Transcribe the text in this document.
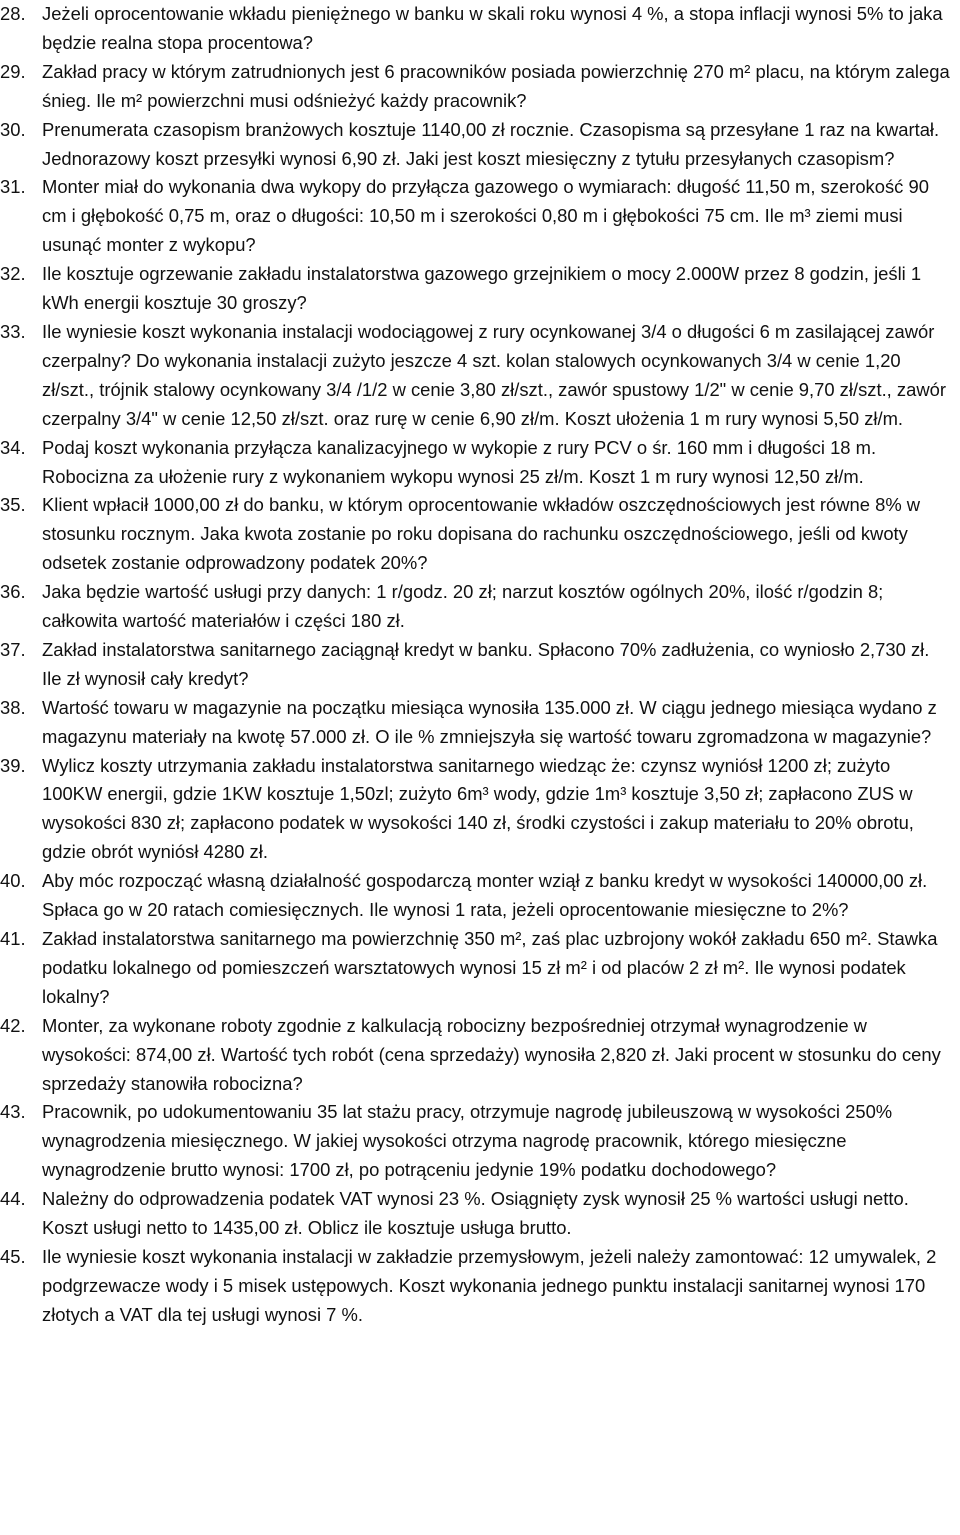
28. Jeżeli oprocentowanie wkładu pieniężnego w banku w skali roku wynosi 4 %, a stopa inflacji wynosi 5% to jaka będzie realna stopa procentowa?
29. Zakład pracy w którym zatrudnionych jest 6 pracowników posiada powierzchnię 270 m² placu, na którym zalega śnieg. Ile m² powierzchni musi odśnieżyć każdy pracownik?
30. Prenumerata czasopism branżowych kosztuje 1140,00 zł rocznie. Czasopisma są przesyłane 1 raz na kwartał. Jednorazowy koszt przesyłki wynosi 6,90 zł. Jaki jest koszt miesięczny z tytułu przesyłanych czasopism?
31. Monter miał do wykonania dwa wykopy do przyłącza gazowego o wymiarach: długość 11,50 m, szerokość 90 cm i głębokość 0,75 m, oraz o długości: 10,50 m i szerokości 0,80 m i głębokości 75 cm. Ile m³ ziemi musi usunąć monter z wykopu?
32. Ile kosztuje ogrzewanie zakładu instalatorstwa gazowego grzejnikiem o mocy 2.000W przez 8 godzin, jeśli 1 kWh energii kosztuje 30 groszy?
33. Ile wyniesie koszt wykonania instalacji wodociągowej z rury ocynkowanej 3/4 o długości 6 m zasilającej zawór czerpalny? Do wykonania instalacji zużyto jeszcze 4 szt. kolan stalowych ocynkowanych 3/4 w cenie 1,20 zł/szt., trójnik stalowy ocynkowany 3/4 /1/2 w cenie 3,80 zł/szt., zawór spustowy 1/2" w cenie 9,70 zł/szt., zawór czerpalny 3/4" w cenie 12,50 zł/szt. oraz rurę w cenie 6,90 zł/m. Koszt ułożenia 1 m rury wynosi 5,50 zł/m.
34. Podaj koszt wykonania przyłącza kanalizacyjnego w wykopie z rury PCV o śr. 160 mm i długości 18 m. Robocizna za ułożenie rury z wykonaniem wykopu wynosi 25 zł/m. Koszt 1 m rury wynosi 12,50 zł/m.
35. Klient wpłacił 1000,00 zł do banku, w którym oprocentowanie wkładów oszczędnościowych jest równe 8% w stosunku rocznym. Jaka kwota zostanie po roku dopisana do rachunku oszczędnościowego, jeśli od kwoty odsetek zostanie odprowadzony podatek 20%?
36. Jaka będzie wartość usługi przy danych: 1 r/godz. 20 zł; narzut kosztów ogólnych 20%, ilość r/godzin 8; całkowita wartość materiałów i części 180 zł.
37. Zakład instalatorstwa sanitarnego zaciągnął kredyt w banku. Spłacono 70% zadłużenia, co wyniosło 2,730 zł. Ile zł wynosił cały kredyt?
38. Wartość towaru w magazynie na początku miesiąca wynosiła 135.000 zł. W ciągu jednego miesiąca wydano z magazynu materiały na kwotę 57.000 zł. O ile % zmniejszyła się wartość towaru zgromadzona w magazynie?
39. Wylicz koszty utrzymania zakładu instalatorstwa sanitarnego wiedząc że: czynsz wyniósł 1200 zł; zużyto 100KW energii, gdzie 1KW kosztuje 1,50zl; zużyto 6m³ wody, gdzie 1m³ kosztuje 3,50 zł; zapłacono ZUS w wysokości 830 zł; zapłacono podatek w wysokości 140 zł, środki czystości i zakup materiału to 20% obrotu, gdzie obrót wyniósł 4280 zł.
40. Aby móc rozpocząć własną działalność gospodarczą monter wziął z banku kredyt w wysokości 140000,00 zł. Spłaca go w 20 ratach comiesięcznych. Ile wynosi 1 rata, jeżeli oprocentowanie miesięczne to 2%?
41. Zakład instalatorstwa sanitarnego ma powierzchnię 350 m², zaś plac uzbrojony wokół zakładu 650 m². Stawka podatku lokalnego od pomieszczeń warsztatowych wynosi 15 zł m² i od placów 2 zł m². Ile wynosi podatek lokalny?
42. Monter, za wykonane roboty zgodnie z kalkulacją robocizny bezpośredniej otrzymał wynagrodzenie w wysokości: 874,00 zł. Wartość tych robót (cena sprzedaży) wynosiła 2,820 zł. Jaki procent w stosunku do ceny sprzedaży stanowiła robocizna?
43. Pracownik, po udokumentowaniu 35 lat stażu pracy, otrzymuje nagrodę jubileuszową w wysokości 250% wynagrodzenia miesięcznego. W jakiej wysokości otrzyma nagrodę pracownik, którego miesięczne wynagrodzenie brutto wynosi: 1700 zł, po potrąceniu jedynie 19% podatku dochodowego?
44. Należny do odprowadzenia podatek VAT wynosi 23 %. Osiągnięty zysk wynosił 25 % wartości usługi netto. Koszt usługi netto to 1435,00 zł. Oblicz ile kosztuje usługa brutto.
45. Ile wyniesie koszt wykonania instalacji w zakładzie przemysłowym, jeżeli należy zamontować: 12 umywalek, 2 podgrzewacze wody i 5 misek ustępowych. Koszt wykonania jednego punktu instalacji sanitarnej wynosi 170 złotych a VAT dla tej usługi wynosi 7 %.
